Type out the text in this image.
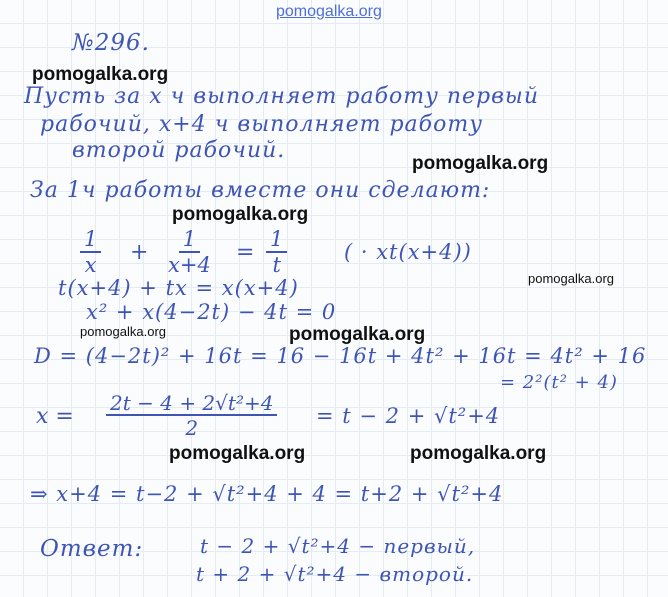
pomogalka.org
pomogalka.org
pomogalka.org
pomogalka.org
pomogalka.org
pomogalka.org	pomogalka.org
pomogalka.org	pomogalka.org
№296.
Пусть за x ч выполняет работу первый
рабочий, x+4 ч выполняет работу
второй рабочий.
За 1ч работы вместе они сделают:
$\frac{1}{x} + \frac{1}{x+4} = \frac{1}{t}$	( · xt(x+4))
t(x+4) + tx = x(x+4)
x² + x(4−2t) − 4t = 0
D = (4−2t)² + 16t = 16 − 16t + 4t² + 16t = 4t² + 16
= 2²(t² + 4)
$x = \frac{\text{2t − 4 + 2√t²+4}}{2} = t - 2 + √t^2+4$
⇒ x+4 = t−2 + √t²+4 + 4 = t+2 + √t²+4
Ответ:	t − 2 + √t²+4 − первый,
t + 2 + √t²+4 − второй.
